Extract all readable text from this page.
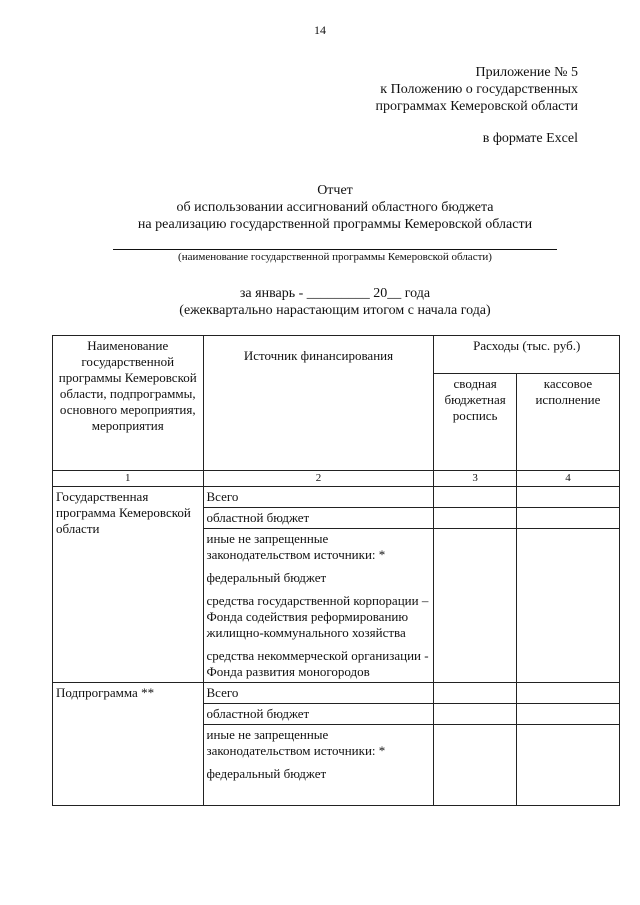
14
Приложение № 5
к Положению о государственных
программах Кемеровской области
в формате Excel
Отчет
об использовании ассигнований областного бюджета
на реализацию государственной программы Кемеровской области
(наименование государственной программы Кемеровской области)
за январь - _________ 20__ года
(ежеквартально нарастающим итогом с начала года)
Наименование государственной программы Кемеровской области, подпрограммы, основного мероприятия, мероприятия	Источник финансирования	Расходы (тыс. руб.)	
		сводная бюджетная роспись	кассовое исполнение
1	2	3	4
Государственная программа Кемеровской области	Всего		
	областной бюджет		

	иные не запрещенные законодательством источники: *
федеральный бюджет
средства государственной корпорации – Фонда содействия реформированию жилищно-коммунального хозяйства
средства некоммерческой организации - Фонда развития моногородов		

Подпрограмма **	Всего		
	областной бюджет		

	иные не запрещенные законодательством источники: *
федеральный бюджет		
